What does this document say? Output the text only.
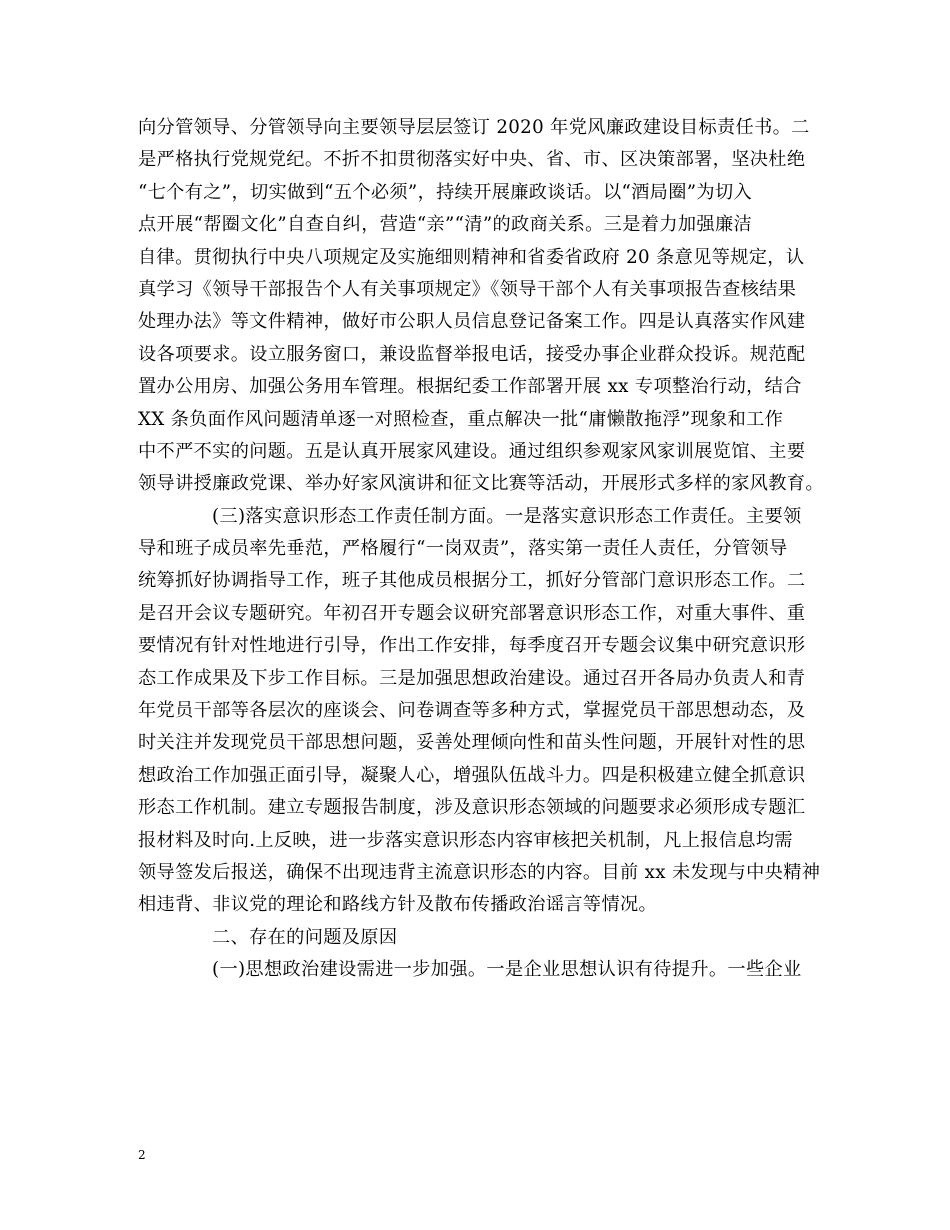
向分管领导、分管领导向主要领导层层签订 2020 年党风廉政建设目标责任书。二
是严格执行党规党纪。不折不扣贯彻落实好中央、省、市、区决策部署，坚决杜绝
“七个有之”，切实做到“五个必须”，持续开展廉政谈话。以“酒局圈”为切入
点开展“帮圈文化”自查自纠，营造“亲”“清”的政商关系。三是着力加强廉洁
自律。贯彻执行中央八项规定及实施细则精神和省委省政府 20 条意见等规定，认
真学习《领导干部报告个人有关事项规定》《领导干部个人有关事项报告查核结果
处理办法》等文件精神，做好市公职人员信息登记备案工作。四是认真落实作风建
设各项要求。设立服务窗口，兼设监督举报电话，接受办事企业群众投诉。规范配
置办公用房、加强公务用车管理。根据纪委工作部署开展 xx 专项整治行动，结合
XX 条负面作风问题清单逐一对照检查，重点解决一批“庸懒散拖浮”现象和工作
中不严不实的问题。五是认真开展家风建设。通过组织参观家风家训展览馆、主要
领导讲授廉政党课、举办好家风演讲和征文比赛等活动，开展形式多样的家风教育。
(三)落实意识形态工作责任制方面。一是落实意识形态工作责任。主要领
导和班子成员率先垂范，严格履行“一岗双责”，落实第一责任人责任，分管领导
统筹抓好协调指导工作，班子其他成员根据分工，抓好分管部门意识形态工作。二
是召开会议专题研究。年初召开专题会议研究部署意识形态工作，对重大事件、重
要情况有针对性地进行引导，作出工作安排，每季度召开专题会议集中研究意识形
态工作成果及下步工作目标。三是加强思想政治建设。通过召开各局办负责人和青
年党员干部等各层次的座谈会、问卷调查等多种方式，掌握党员干部思想动态，及
时关注并发现党员干部思想问题，妥善处理倾向性和苗头性问题，开展针对性的思
想政治工作加强正面引导，凝聚人心，增强队伍战斗力。四是积极建立健全抓意识
形态工作机制。建立专题报告制度，涉及意识形态领域的问题要求必须形成专题汇
报材料及时向.上反映，进一步落实意识形态内容审核把关机制，凡上报信息均需
领导签发后报送，确保不出现违背主流意识形态的内容。目前 xx 未发现与中央精神
相违背、非议党的理论和路线方针及散布传播政治谣言等情况。
二、存在的问题及原因
(一)思想政治建设需进一步加强。一是企业思想认识有待提升。一些企业
2
